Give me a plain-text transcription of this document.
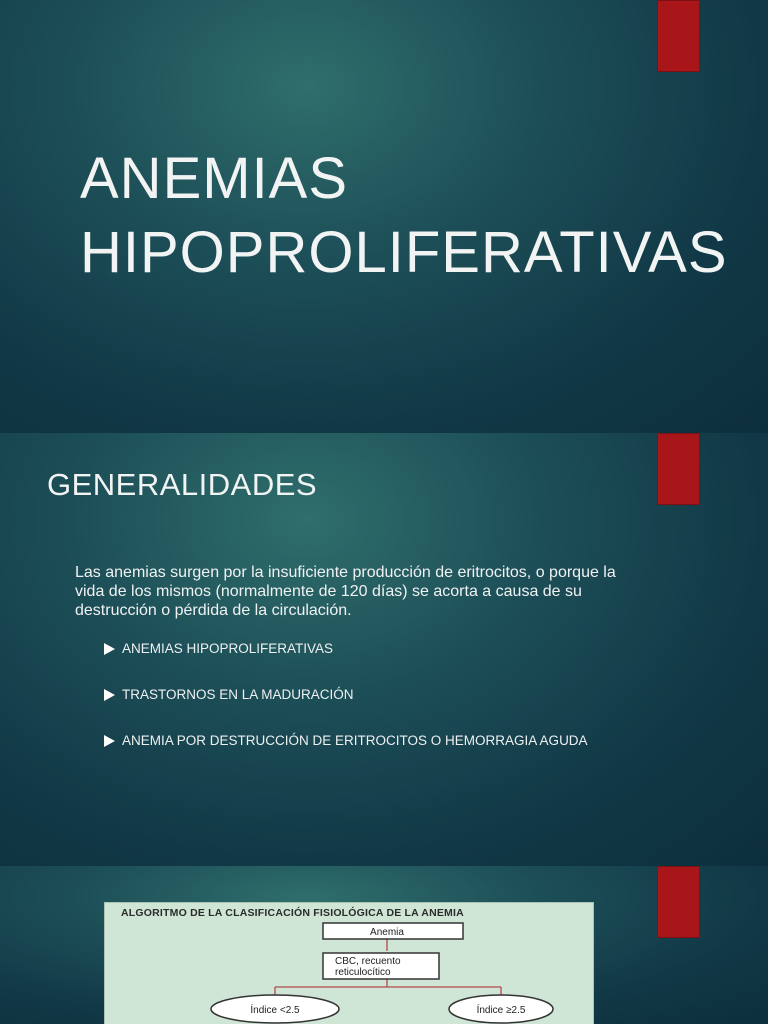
ANEMIAS
HIPOPROLIFERATIVAS
GENERALIDADES

Las anemias surgen por la insuficiente producción de eritrocitos, o porque la vida de los mismos (normalmente de 120 días) se acorta a causa de su destrucción o pérdida de la circulación.

ANEMIAS HIPOPROLIFERATIVAS
TRASTORNOS EN LA MADURACIÓN
ANEMIA POR DESTRUCCIÓN DE ERITROCITOS O HEMORRAGIA AGUDA

ALGORITMO DE LA CLASIFICACIÓN FISIOLÓGICA DE LA ANEMIA

Anemia
CBC, recuento
reticulocítico
Índice <2.5	Índice ≥2.5
